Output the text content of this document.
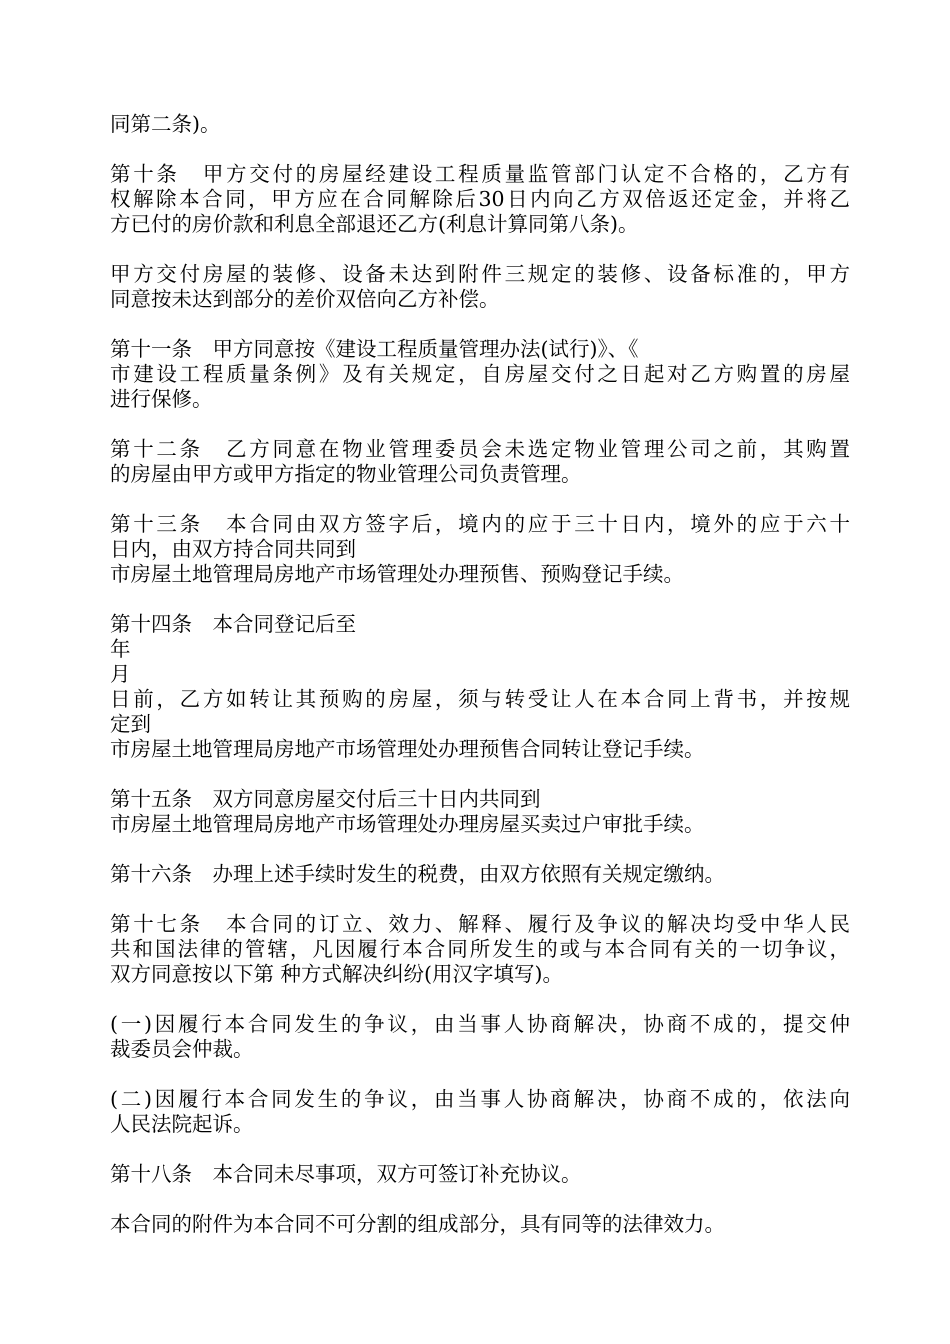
同第二条)。

第十条　甲方交付的房屋经建设工程质量监管部门认定不合格的，乙方有
权解除本合同，甲方应在合同解除后30日内向乙方双倍返还定金，并将乙
方已付的房价款和利息全部退还乙方(利息计算同第八条)。

甲方交付房屋的装修、设备未达到附件三规定的装修、设备标准的，甲方
同意按未达到部分的差价双倍向乙方补偿。

第十一条　甲方同意按《建设工程质量管理办法(试行)》、《
市建设工程质量条例》及有关规定，自房屋交付之日起对乙方购置的房屋
进行保修。

第十二条　乙方同意在物业管理委员会未选定物业管理公司之前，其购置
的房屋由甲方或甲方指定的物业管理公司负责管理。

第十三条　本合同由双方签字后，境内的应于三十日内，境外的应于六十
日内，由双方持合同共同到
市房屋土地管理局房地产市场管理处办理预售、预购登记手续。

第十四条　本合同登记后至
年
月
日前，乙方如转让其预购的房屋，须与转受让人在本合同上背书，并按规
定到
市房屋土地管理局房地产市场管理处办理预售合同转让登记手续。

第十五条　双方同意房屋交付后三十日内共同到
市房屋土地管理局房地产市场管理处办理房屋买卖过户审批手续。

第十六条　办理上述手续时发生的税费，由双方依照有关规定缴纳。

第十七条　本合同的订立、效力、解释、履行及争议的解决均受中华人民
共和国法律的管辖，凡因履行本合同所发生的或与本合同有关的一切争议，
双方同意按以下第 种方式解决纠纷(用汉字填写)。

(一)因履行本合同发生的争议，由当事人协商解决，协商不成的，提交仲
裁委员会仲裁。

(二)因履行本合同发生的争议，由当事人协商解决，协商不成的，依法向
人民法院起诉。

第十八条　本合同未尽事项，双方可签订补充协议。

本合同的附件为本合同不可分割的组成部分，具有同等的法律效力。
